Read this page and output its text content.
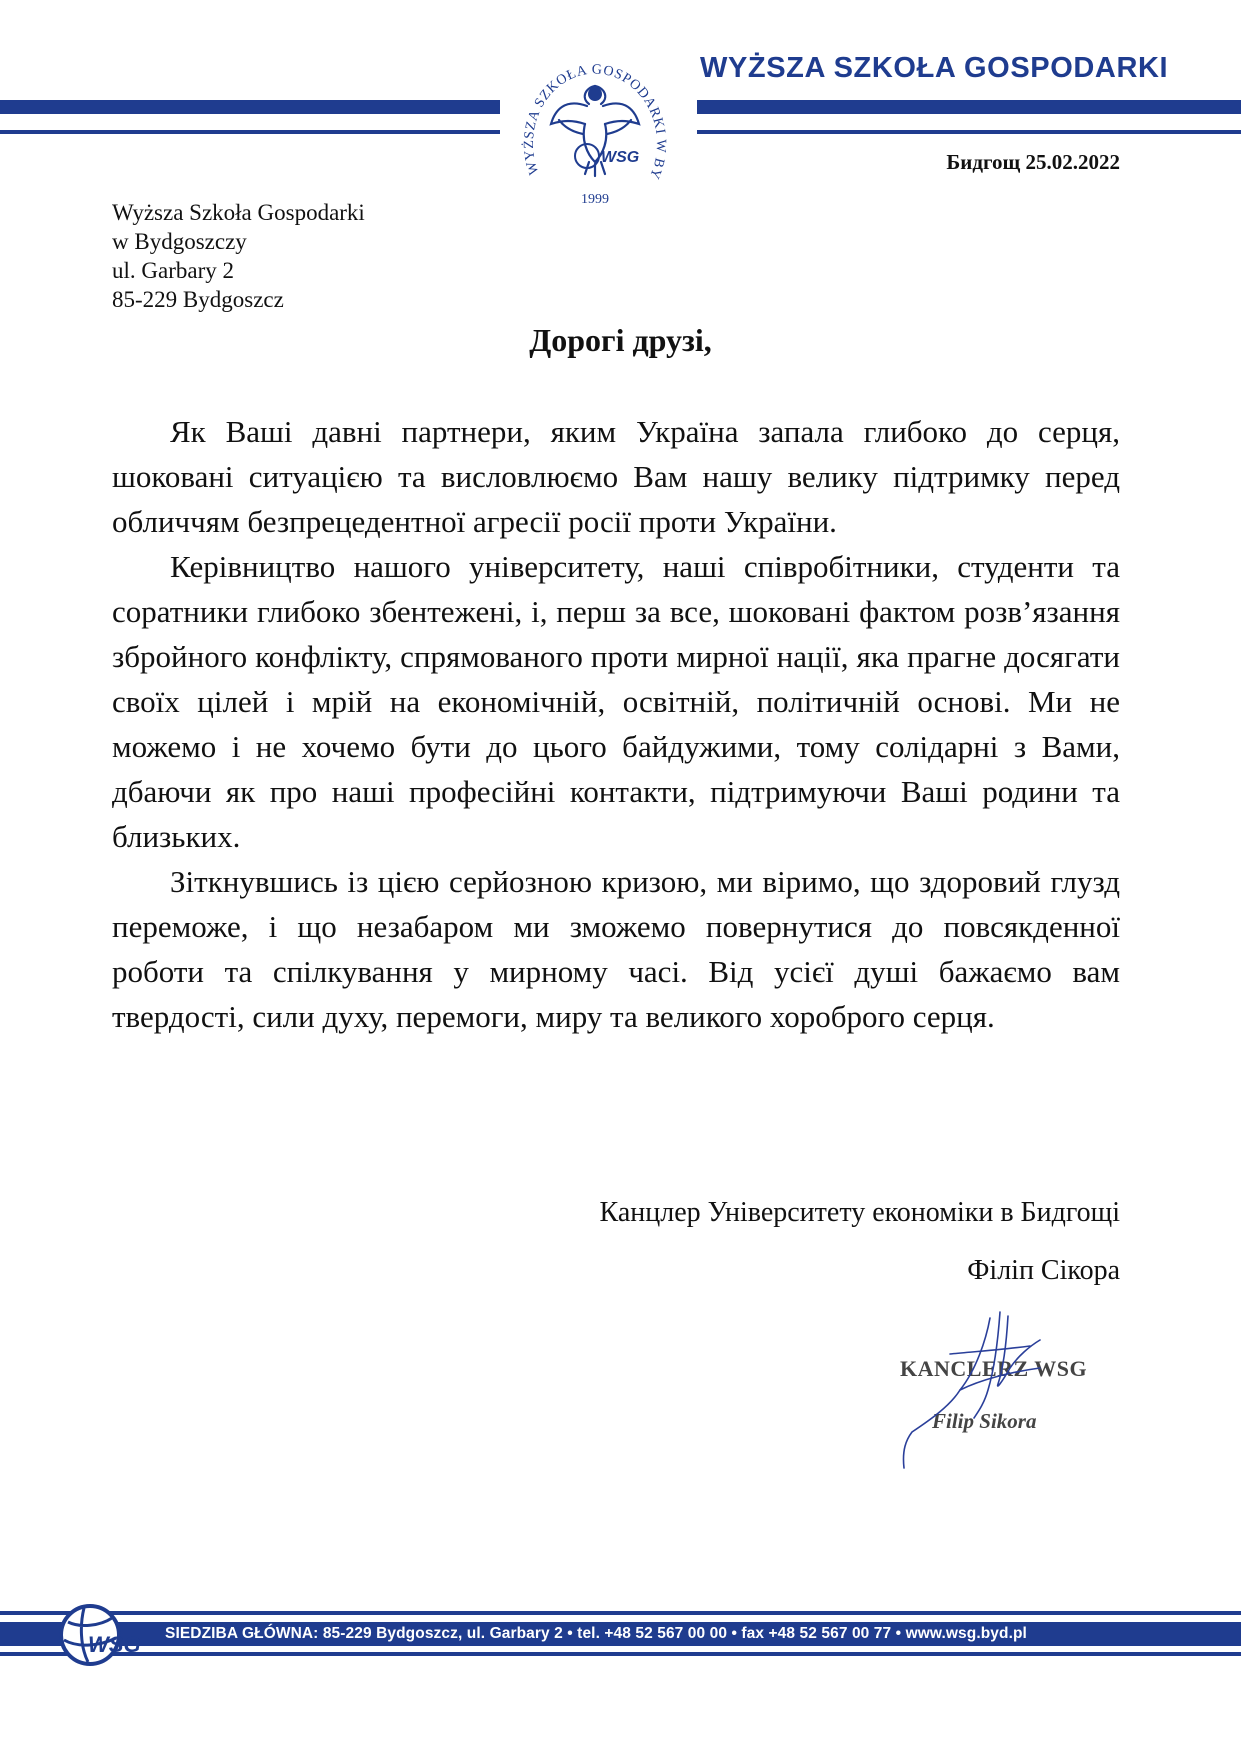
WYŻSZA SZKOŁA GOSPODARKI
WYŻSZA SZKOŁA GOSPODARKI W BY
WSG
1999
Бидгощ 25.02.2022
Wyższa Szkoła Gospodarki
w Bydgoszczy
ul. Garbary 2
85-229 Bydgoszcz
Дорогі друзі,

Як Ваші давні партнери, яким Україна запала глибоко до серця, шоковані ситуацією та висловлюємо Вам нашу велику підтримку перед обличчям безпрецедентної агресії росії проти України.

Керівництво нашого університету, наші співробітники, студенти та соратники глибоко збентежені, і, перш за все, шоковані фактом розв’язання збройного конфлікту, спрямованого проти мирної нації, яка прагне досягати своїх цілей і мрій на економічній, освітній, політичній основі. Ми не можемо і не хочемо бути до цього байдужими, тому солідарні з Вами, дбаючи як про наші професійні контакти, підтримуючи Ваші родини та близьких.

Зіткнувшись із цією серйозною кризою, ми віримо, що здоровий глузд переможе, і що незабаром ми зможемо повернутися до повсякденної роботи та спілкування у мирному часі. Від усієї душі бажаємо вам твердості, сили духу, перемоги, миру та великого хороброго серця.

Канцлер Університету економіки в Бидгощі
Філіп Сікора
KANCLERZ WSG
Filip Sikora
WSG SIEDZIBA GŁÓWNA: 85-229 Bydgoszcz, ul. Garbary 2 • tel. +48 52 567 00 00 • fax +48 52 567 00 77 • www.wsg.byd.pl
